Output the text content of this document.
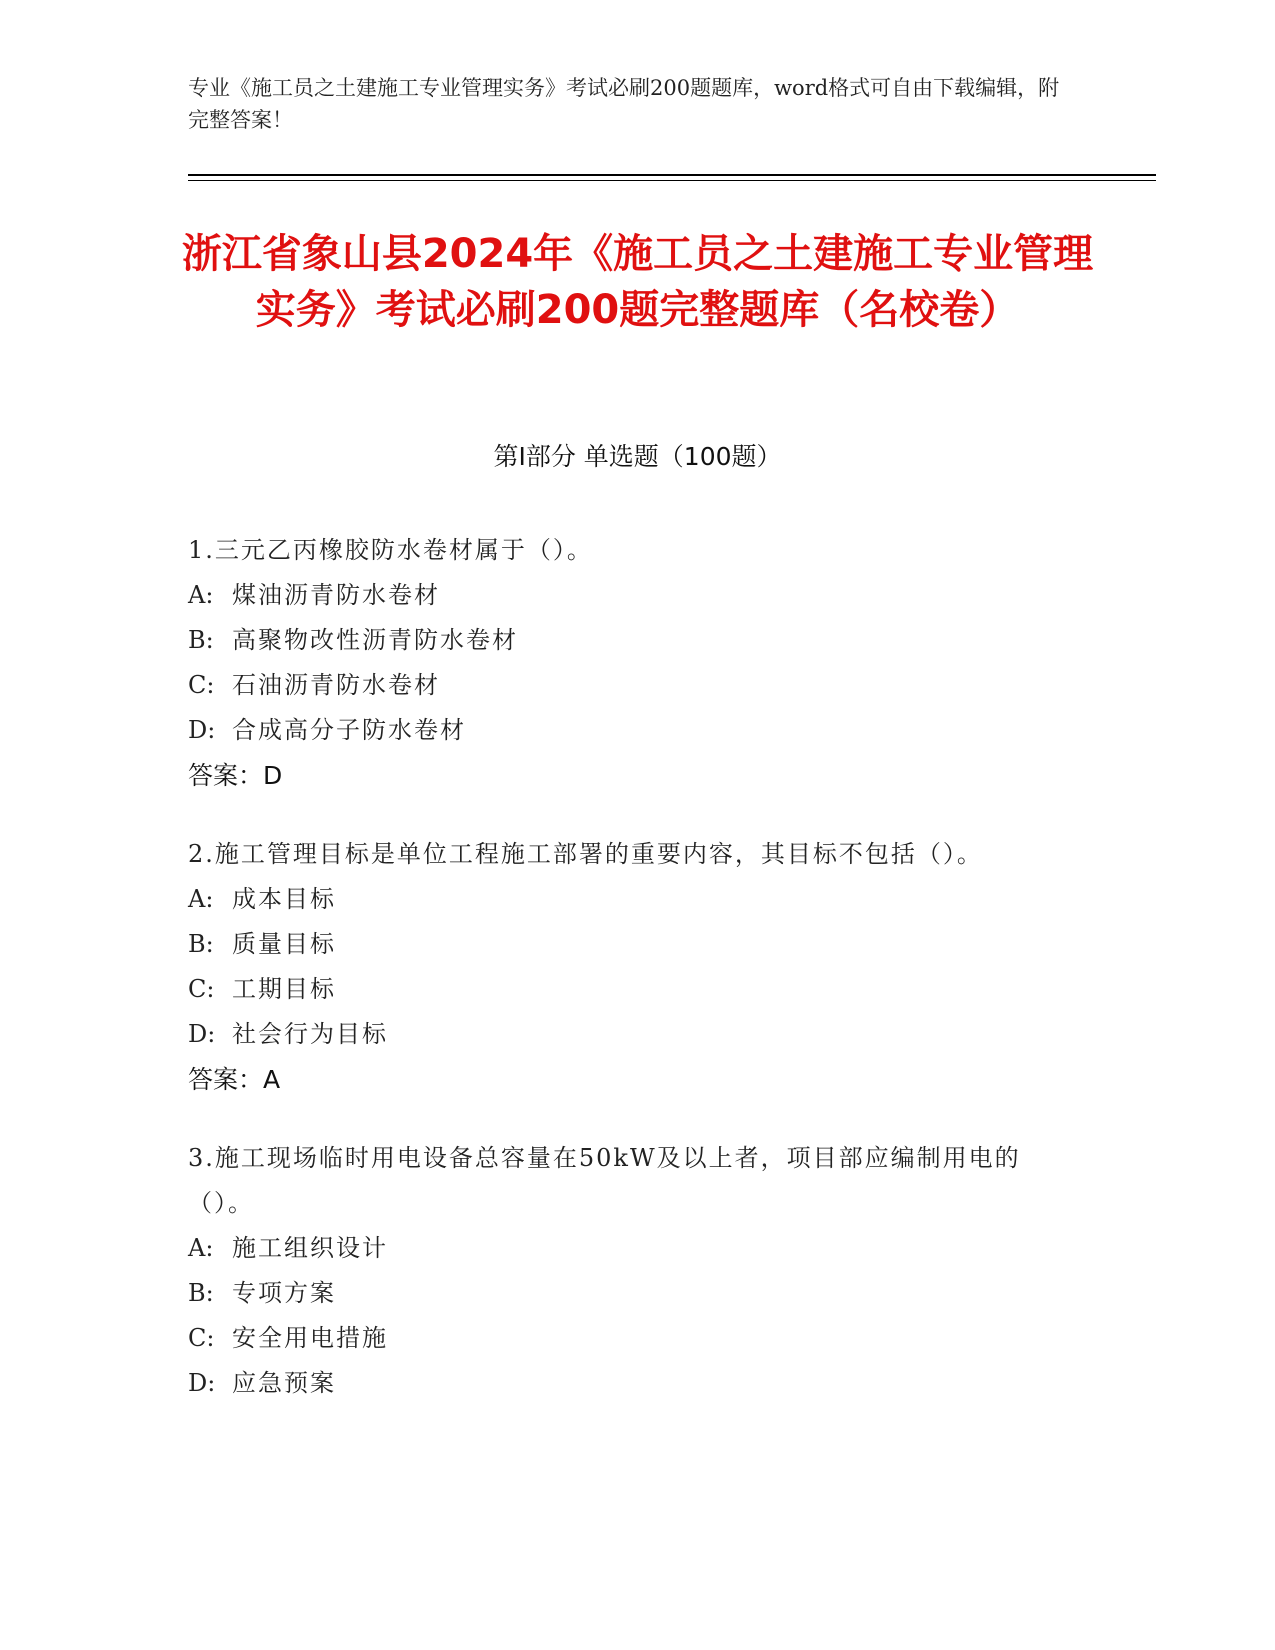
专业《施工员之土建施工专业管理实务》考试必刷200题题库，word格式可自由下载编辑，附完整答案！
浙江省象山县2024年《施工员之土建施工专业管理实务》考试必刷200题完整题库（名校卷）
第I部分 单选题（100题）
1.三元乙丙橡胶防水卷材属于（）。
A: 煤油沥青防水卷材
B: 高聚物改性沥青防水卷材
C: 石油沥青防水卷材
D: 合成高分子防水卷材
答案：D
2.施工管理目标是单位工程施工部署的重要内容，其目标不包括（）。
A: 成本目标
B: 质量目标
C: 工期目标
D: 社会行为目标
答案：A
3.施工现场临时用电设备总容量在50kW及以上者，项目部应编制用电的（）。
A: 施工组织设计
B: 专项方案
C: 安全用电措施
D: 应急预案
